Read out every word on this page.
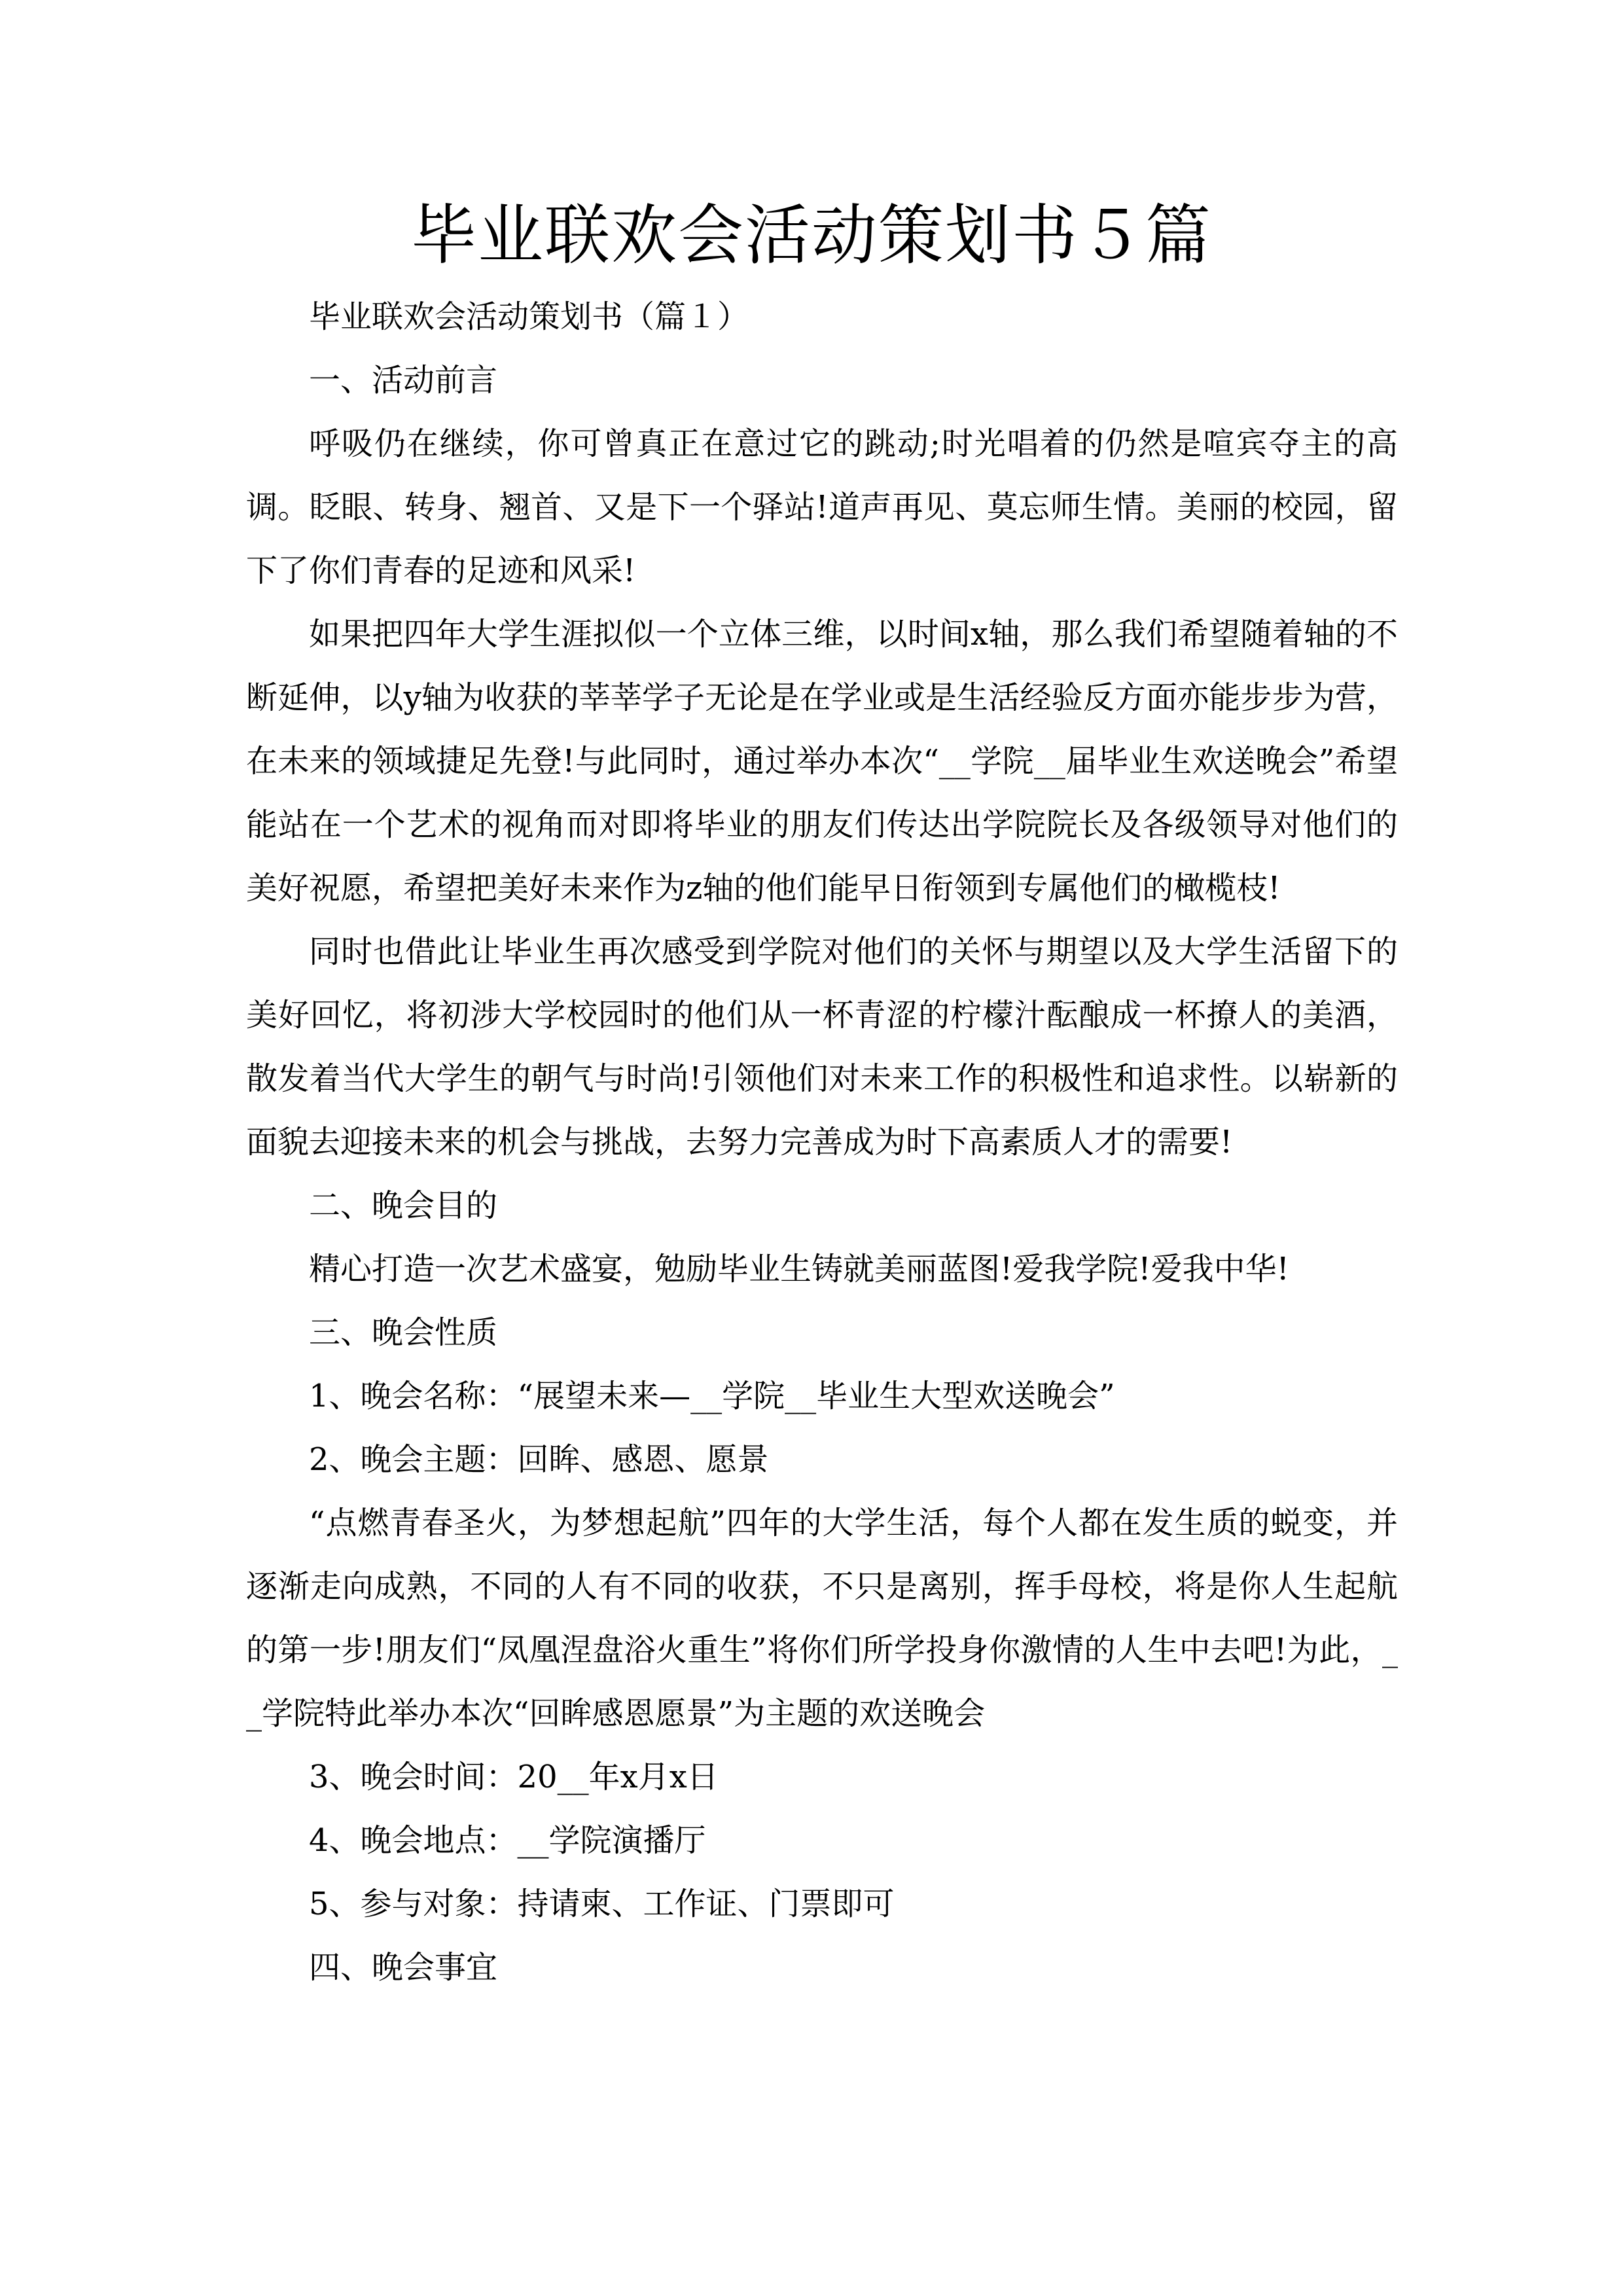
毕业联欢会活动策划书５篇

毕业联欢会活动策划书（篇１）

一、活动前言

呼吸仍在继续，你可曾真正在意过它的跳动;时光唱着的仍然是喧宾夺主的高调。眨眼、转身、翘首、又是下一个驿站!道声再见、莫忘师生情。美丽的校园，留下了你们青春的足迹和风采!

如果把四年大学生涯拟似一个立体三维，以时间x轴，那么我们希望随着轴的不断延伸，以y轴为收获的莘莘学子无论是在学业或是生活经验反方面亦能步步为营，在未来的领域捷足先登!与此同时，通过举办本次“__学院__届毕业生欢送晚会”希望能站在一个艺术的视角而对即将毕业的朋友们传达出学院院长及各级领导对他们的美好祝愿，希望把美好未来作为z轴的他们能早日衔领到专属他们的橄榄枝!

同时也借此让毕业生再次感受到学院对他们的关怀与期望以及大学生活留下的美好回忆，将初涉大学校园时的他们从一杯青涩的柠檬汁酝酿成一杯撩人的美酒，散发着当代大学生的朝气与时尚!引领他们对未来工作的积极性和追求性。以崭新的面貌去迎接未来的机会与挑战，去努力完善成为时下高素质人才的需要!

二、晚会目的

精心打造一次艺术盛宴，勉励毕业生铸就美丽蓝图!爱我学院!爱我中华!

三、晚会性质

1、晚会名称：“展望未来—__学院__毕业生大型欢送晚会”

2、晚会主题：回眸、感恩、愿景

“点燃青春圣火，为梦想起航”四年的大学生活，每个人都在发生质的蜕变，并逐渐走向成熟，不同的人有不同的收获，不只是离别，挥手母校，将是你人生起航的第一步!朋友们“凤凰涅盘浴火重生”将你们所学投身你激情的人生中去吧!为此，__学院特此举办本次“回眸感恩愿景”为主题的欢送晚会

3、晚会时间：20__年x月x日

4、晚会地点：__学院演播厅

5、参与对象：持请柬、工作证、门票即可

四、晚会事宜
